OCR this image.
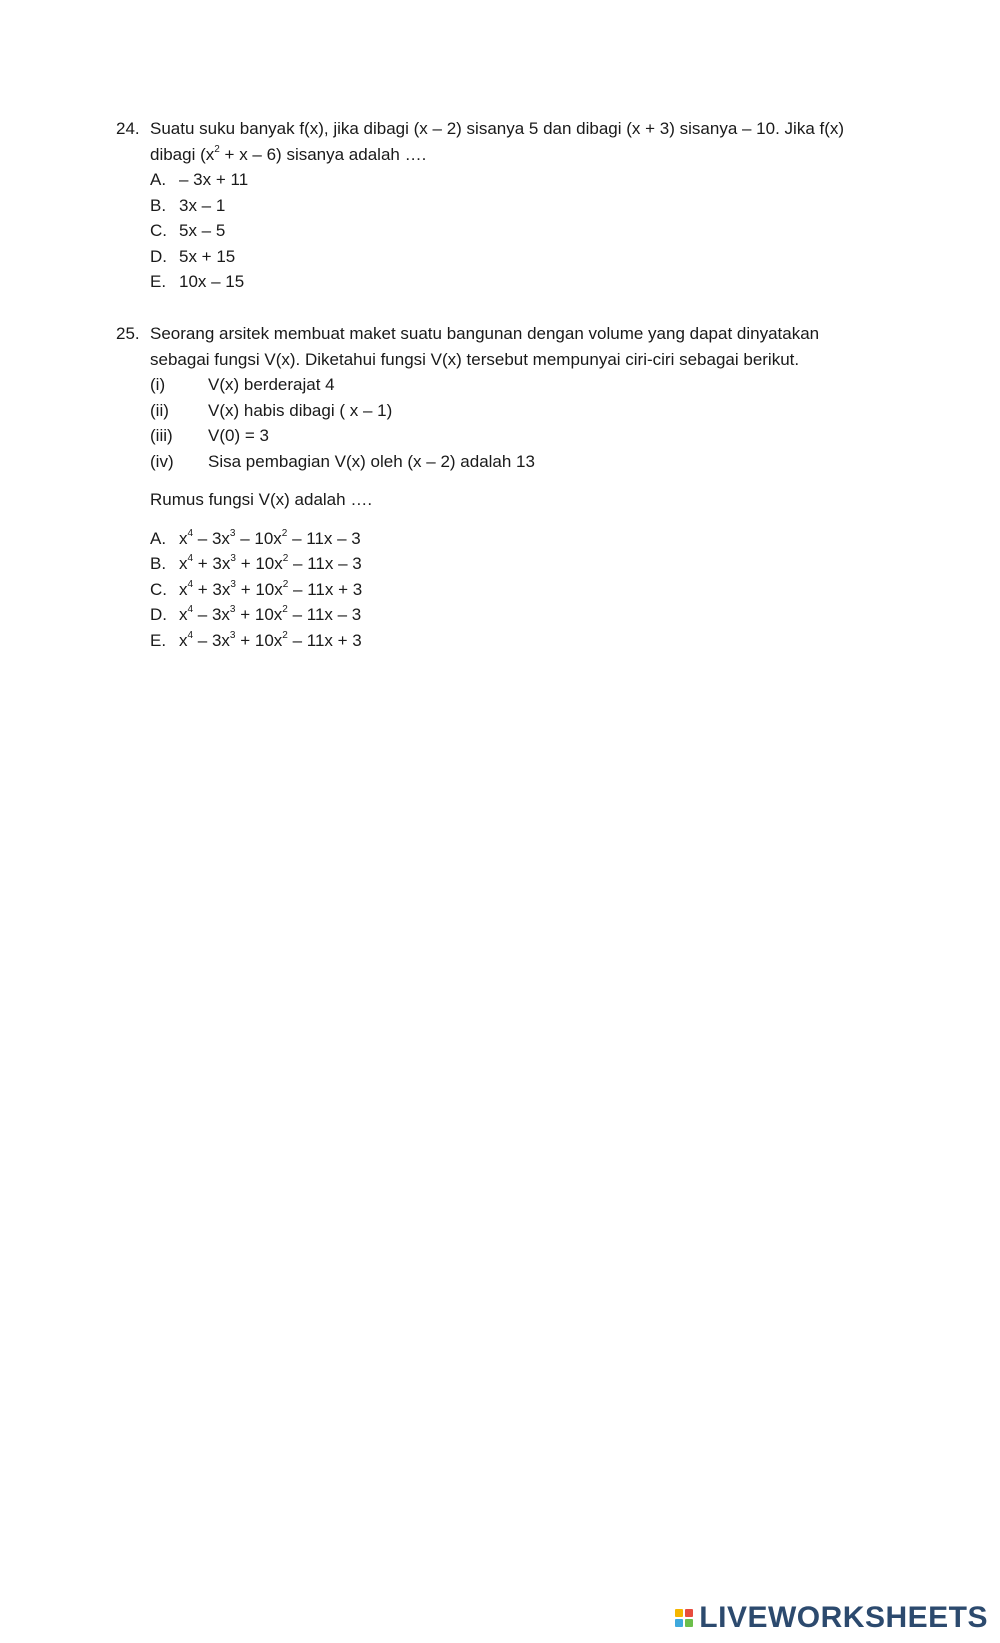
24. Suatu suku banyak f(x), jika dibagi (x – 2) sisanya 5 dan dibagi (x + 3) sisanya – 10. Jika f(x)

dibagi $(x^2 + x - 6)$ sisanya adalah ….

A. – 3x + 11
B. 3x – 1
C. 5x – 5
D. 5x + 15
E. 10x – 15
25. Seorang arsitek membuat maket suatu bangunan dengan volume yang dapat dinyatakan

sebagai fungsi V(x). Diketahui fungsi V(x) tersebut mempunyai ciri-ciri sebagai berikut.

(i)	V(x) berderajat 4
(ii)	V(x) habis dibagi ( x – 1)
(iii)	V(0) = 3
(iv)	Sisa pembagian V(x) oleh (x – 2) adalah 13

Rumus fungsi V(x) adalah ….

A. $x^4 - 3x^3 - 10x^2 - 11x - 3$
B. $x^4 + 3x^3 + 10x^2 - 11x - 3$
C. $x^4 + 3x^3 + 10x^2 - 11x + 3$
D. $x^4 - 3x^3 + 10x^2 - 11x - 3$
E. $x^4 - 3x^3 + 10x^2 - 11x + 3$
LIVEWORKSHEETS
